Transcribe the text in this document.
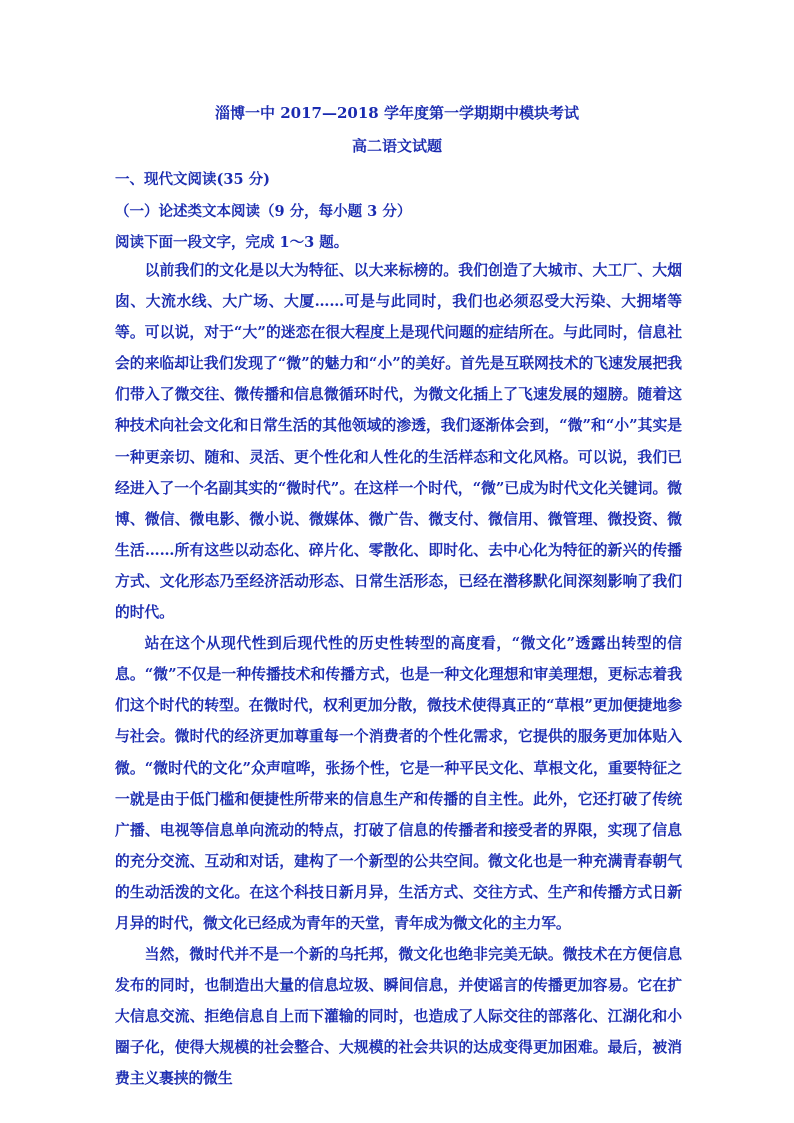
淄博一中 2017—2018 学年度第一学期期中模块考试
高二语文试题
一、现代文阅读(35 分)
（一）论述类文本阅读（9 分，每小题 3 分）
阅读下面一段文字，完成 1～3 题。

以前我们的文化是以大为特征、以大来标榜的。我们创造了大城市、大工厂、大烟囱、大流水线、大广场、大厦……可是与此同时，我们也必须忍受大污染、大拥堵等等。可以说，对于“大”的迷恋在很大程度上是现代问题的症结所在。与此同时，信息社会的来临却让我们发现了“微”的魅力和“小”的美好。首先是互联网技术的飞速发展把我们带入了微交往、微传播和信息微循环时代，为微文化插上了飞速发展的翅膀。随着这种技术向社会文化和日常生活的其他领域的渗透，我们逐渐体会到，“微”和“小”其实是一种更亲切、随和、灵活、更个性化和人性化的生活样态和文化风格。可以说，我们已经进入了一个名副其实的“微时代”。在这样一个时代，“微”已成为时代文化关键词。微博、微信、微电影、微小说、微媒体、微广告、微支付、微信用、微管理、微投资、微生活……所有这些以动态化、碎片化、零散化、即时化、去中心化为特征的新兴的传播方式、文化形态乃至经济活动形态、日常生活形态，已经在潜移默化间深刻影响了我们的时代。

站在这个从现代性到后现代性的历史性转型的高度看，“微文化”透露出转型的信息。“微”不仅是一种传播技术和传播方式，也是一种文化理想和审美理想，更标志着我们这个时代的转型。在微时代，权利更加分散，微技术使得真正的“草根”更加便捷地参与社会。微时代的经济更加尊重每一个消费者的个性化需求，它提供的服务更加体贴入微。“微时代的文化”众声喧哗，张扬个性，它是一种平民文化、草根文化，重要特征之一就是由于低门槛和便捷性所带来的信息生产和传播的自主性。此外，它还打破了传统广播、电视等信息单向流动的特点，打破了信息的传播者和接受者的界限，实现了信息的充分交流、互动和对话，建构了一个新型的公共空间。微文化也是一种充满青春朝气的生动活泼的文化。在这个科技日新月异，生活方式、交往方式、生产和传播方式日新月异的时代，微文化已经成为青年的天堂，青年成为微文化的主力军。

当然，微时代并不是一个新的乌托邦，微文化也绝非完美无缺。微技术在方便信息发布的同时，也制造出大量的信息垃圾、瞬间信息，并使谣言的传播更加容易。它在扩大信息交流、拒绝信息自上而下灌输的同时，也造成了人际交往的部落化、江湖化和小圈子化，使得大规模的社会整合、大规模的社会共识的达成变得更加困难。最后，被消费主义裹挟的微生
